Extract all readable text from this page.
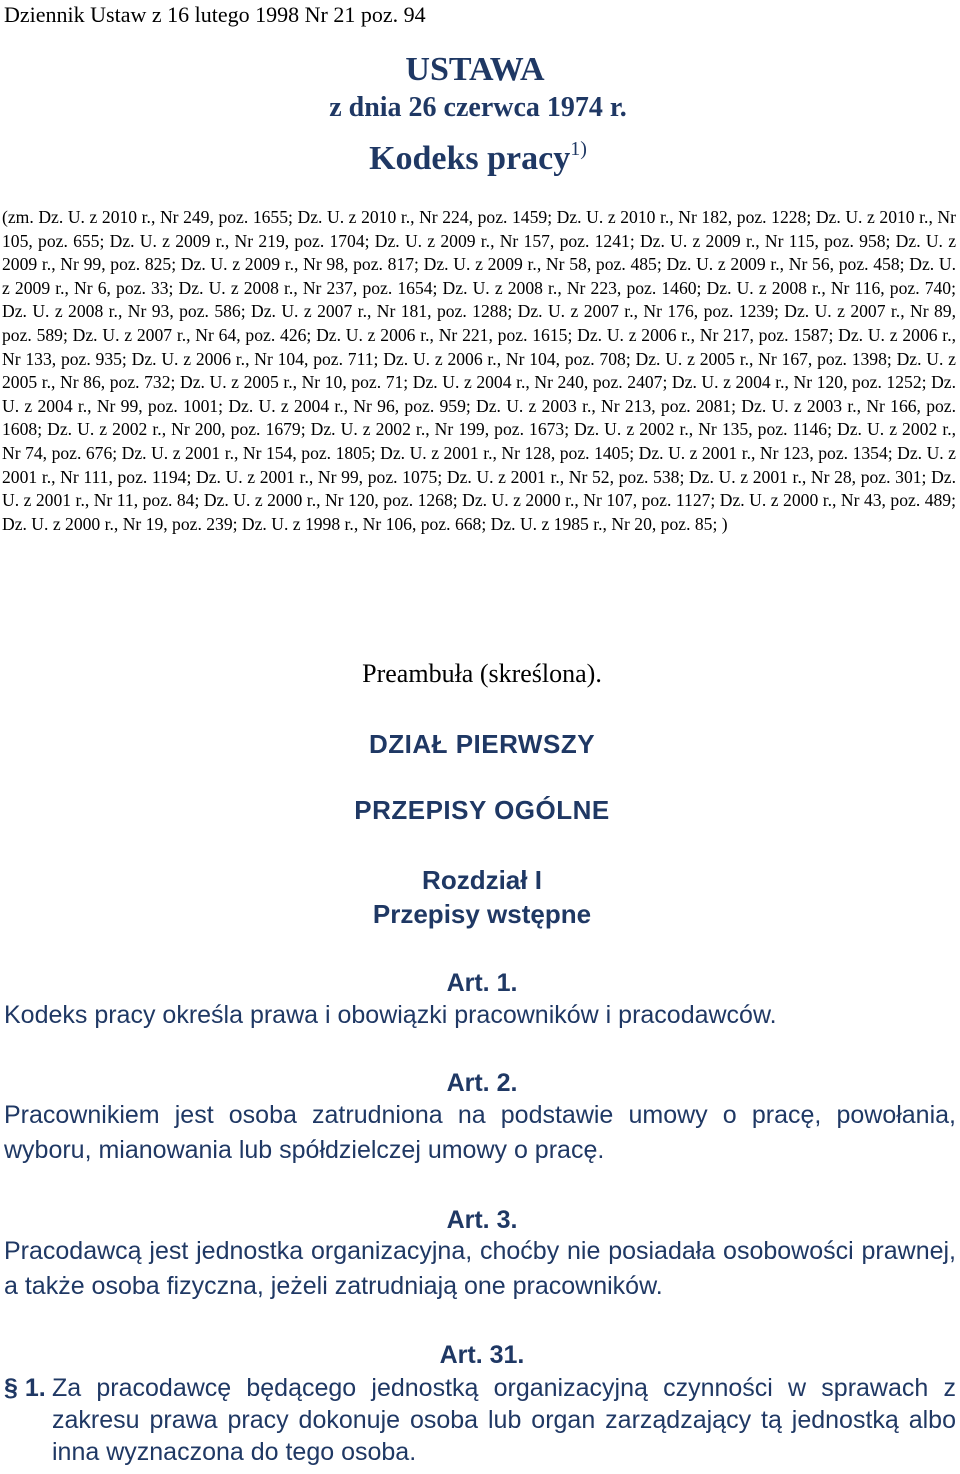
Dziennik Ustaw z 16 lutego 1998 Nr 21 poz. 94
USTAWA
z dnia 26 czerwca 1974 r.
Kodeks pracy$^{1)}$
(zm. Dz. U. z 2010 r., Nr 249, poz. 1655; Dz. U. z 2010 r., Nr 224, poz. 1459; Dz. U. z 2010 r., Nr 182, poz. 1228; Dz. U. z 2010 r., Nr 105, poz. 655; Dz. U. z 2009 r., Nr 219, poz. 1704; Dz. U. z 2009 r., Nr 157, poz. 1241; Dz. U. z 2009 r., Nr 115, poz. 958; Dz. U. z 2009 r., Nr 99, poz. 825; Dz. U. z 2009 r., Nr 98, poz. 817; Dz. U. z 2009 r., Nr 58, poz. 485; Dz. U. z 2009 r., Nr 56, poz. 458; Dz. U. z 2009 r., Nr 6, poz. 33; Dz. U. z 2008 r., Nr 237, poz. 1654; Dz. U. z 2008 r., Nr 223, poz. 1460; Dz. U. z 2008 r., Nr 116, poz. 740; Dz. U. z 2008 r., Nr 93, poz. 586; Dz. U. z 2007 r., Nr 181, poz. 1288; Dz. U. z 2007 r., Nr 176, poz. 1239; Dz. U. z 2007 r., Nr 89, poz. 589; Dz. U. z 2007 r., Nr 64, poz. 426; Dz. U. z 2006 r., Nr 221, poz. 1615; Dz. U. z 2006 r., Nr 217, poz. 1587; Dz. U. z 2006 r., Nr 133, poz. 935; Dz. U. z 2006 r., Nr 104, poz. 711; Dz. U. z 2006 r., Nr 104, poz. 708; Dz. U. z 2005 r., Nr 167, poz. 1398; Dz. U. z 2005 r., Nr 86, poz. 732; Dz. U. z 2005 r., Nr 10, poz. 71; Dz. U. z 2004 r., Nr 240, poz. 2407; Dz. U. z 2004 r., Nr 120, poz. 1252; Dz. U. z 2004 r., Nr 99, poz. 1001; Dz. U. z 2004 r., Nr 96, poz. 959; Dz. U. z 2003 r., Nr 213, poz. 2081; Dz. U. z 2003 r., Nr 166, poz. 1608; Dz. U. z 2002 r., Nr 200, poz. 1679; Dz. U. z 2002 r., Nr 199, poz. 1673; Dz. U. z 2002 r., Nr 135, poz. 1146; Dz. U. z 2002 r., Nr 74, poz. 676; Dz. U. z 2001 r., Nr 154, poz. 1805; Dz. U. z 2001 r., Nr 128, poz. 1405; Dz. U. z 2001 r., Nr 123, poz. 1354; Dz. U. z 2001 r., Nr 111, poz. 1194; Dz. U. z 2001 r., Nr 99, poz. 1075; Dz. U. z 2001 r., Nr 52, poz. 538; Dz. U. z 2001 r., Nr 28, poz. 301; Dz. U. z 2001 r., Nr 11, poz. 84; Dz. U. z 2000 r., Nr 120, poz. 1268; Dz. U. z 2000 r., Nr 107, poz. 1127; Dz. U. z 2000 r., Nr 43, poz. 489; Dz. U. z 2000 r., Nr 19, poz. 239; Dz. U. z 1998 r., Nr 106, poz. 668; Dz. U. z 1985 r., Nr 20, poz. 85; )
Preambuła (skreślona).
DZIAŁ PIERWSZY
PRZEPISY OGÓLNE
Rozdział I
Przepisy wstępne
Art. 1.
Kodeks pracy określa prawa i obowiązki pracowników i pracodawców.
Art. 2.
Pracownikiem jest osoba zatrudniona na podstawie umowy o pracę, powołania, wyboru, mianowania lub spółdzielczej umowy o pracę.
Art. 3.
Pracodawcą jest jednostka organizacyjna, choćby nie posiadała osobowości prawnej, a także osoba fizyczna, jeżeli zatrudniają one pracowników.
Art. 31.
§ 1. Za pracodawcę będącego jednostką organizacyjną czynności w sprawach z zakresu prawa pracy dokonuje osoba lub organ zarządzający tą jednostką albo inna wyznaczona do tego osoba.
